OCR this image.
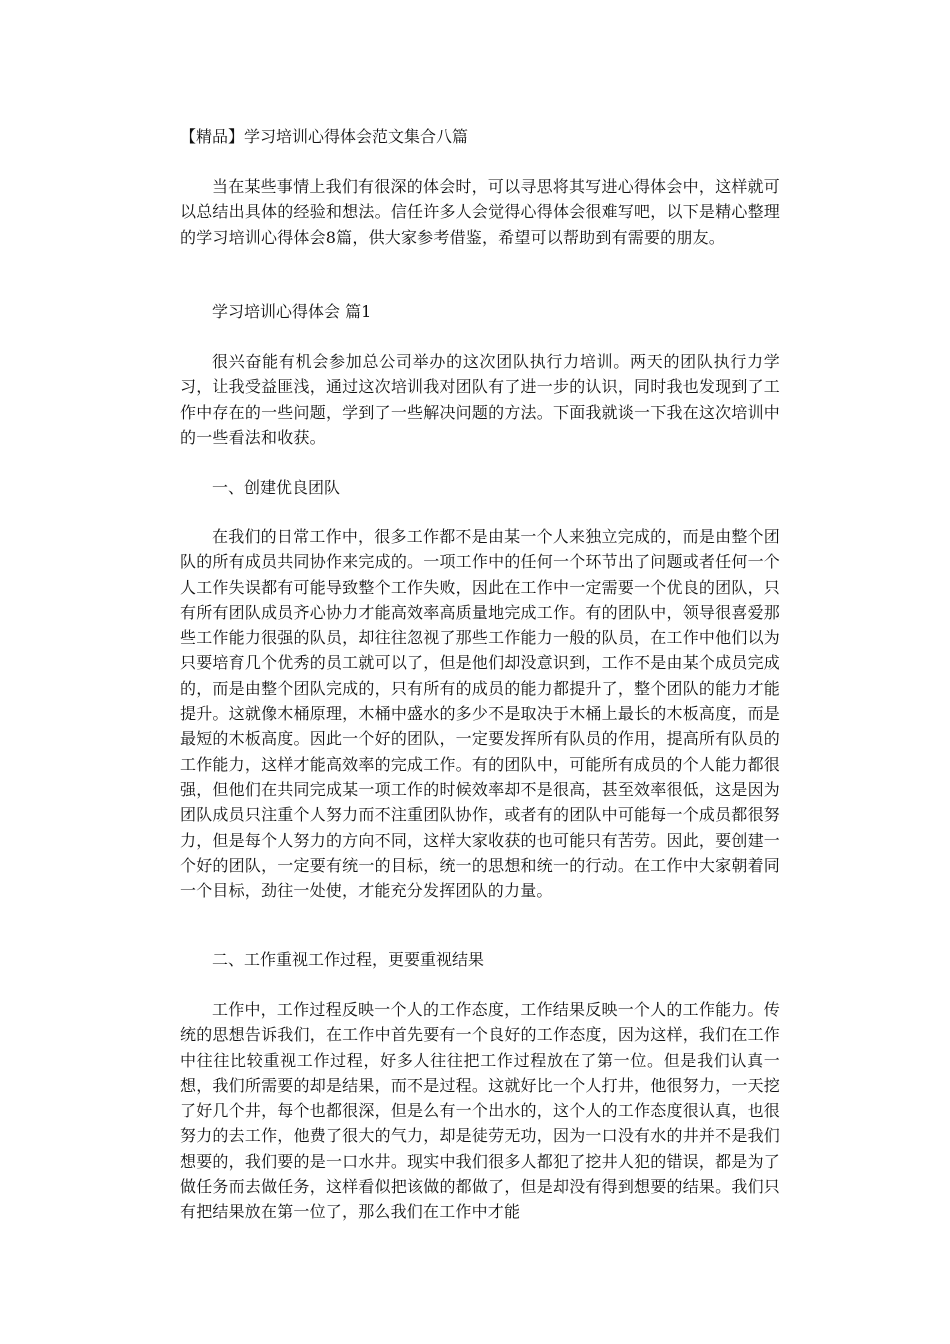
【精品】学习培训心得体会范文集合八篇

当在某些事情上我们有很深的体会时，可以寻思将其写进心得体会中，这样就可以总结出具体的经验和想法。信任许多人会觉得心得体会很难写吧，以下是精心整理的学习培训心得体会8篇，供大家参考借鉴，希望可以帮助到有需要的朋友。

学习培训心得体会 篇1

很兴奋能有机会参加总公司举办的这次团队执行力培训。两天的团队执行力学习，让我受益匪浅，通过这次培训我对团队有了进一步的认识，同时我也发现到了工作中存在的一些问题，学到了一些解决问题的方法。下面我就谈一下我在这次培训中的一些看法和收获。

一、创建优良团队

在我们的日常工作中，很多工作都不是由某一个人来独立完成的，而是由整个团队的所有成员共同协作来完成的。一项工作中的任何一个环节出了问题或者任何一个人工作失误都有可能导致整个工作失败，因此在工作中一定需要一个优良的团队，只有所有团队成员齐心协力才能高效率高质量地完成工作。有的团队中，领导很喜爱那些工作能力很强的队员，却往往忽视了那些工作能力一般的队员，在工作中他们以为只要培育几个优秀的员工就可以了，但是他们却没意识到，工作不是由某个成员完成的，而是由整个团队完成的，只有所有的成员的能力都提升了，整个团队的能力才能提升。这就像木桶原理，木桶中盛水的多少不是取决于木桶上最长的木板高度，而是最短的木板高度。因此一个好的团队，一定要发挥所有队员的作用，提高所有队员的工作能力，这样才能高效率的完成工作。有的团队中，可能所有成员的个人能力都很强，但他们在共同完成某一项工作的时候效率却不是很高，甚至效率很低，这是因为团队成员只注重个人努力而不注重团队协作，或者有的团队中可能每一个成员都很努力，但是每个人努力的方向不同，这样大家收获的也可能只有苦劳。因此，要创建一个好的团队，一定要有统一的目标，统一的思想和统一的行动。在工作中大家朝着同一个目标，劲往一处使，才能充分发挥团队的力量。

二、工作重视工作过程，更要重视结果

工作中，工作过程反映一个人的工作态度，工作结果反映一个人的工作能力。传统的思想告诉我们，在工作中首先要有一个良好的工作态度，因为这样，我们在工作中往往比较重视工作过程，好多人往往把工作过程放在了第一位。但是我们认真一想，我们所需要的却是结果，而不是过程。这就好比一个人打井，他很努力，一天挖了好几个井，每个也都很深，但是么有一个出水的，这个人的工作态度很认真，也很努力的去工作，他费了很大的气力，却是徒劳无功，因为一口没有水的井并不是我们想要的，我们要的是一口水井。现实中我们很多人都犯了挖井人犯的错误，都是为了做任务而去做任务，这样看似把该做的都做了，但是却没有得到想要的结果。我们只有把结果放在第一位了，那么我们在工作中才能
